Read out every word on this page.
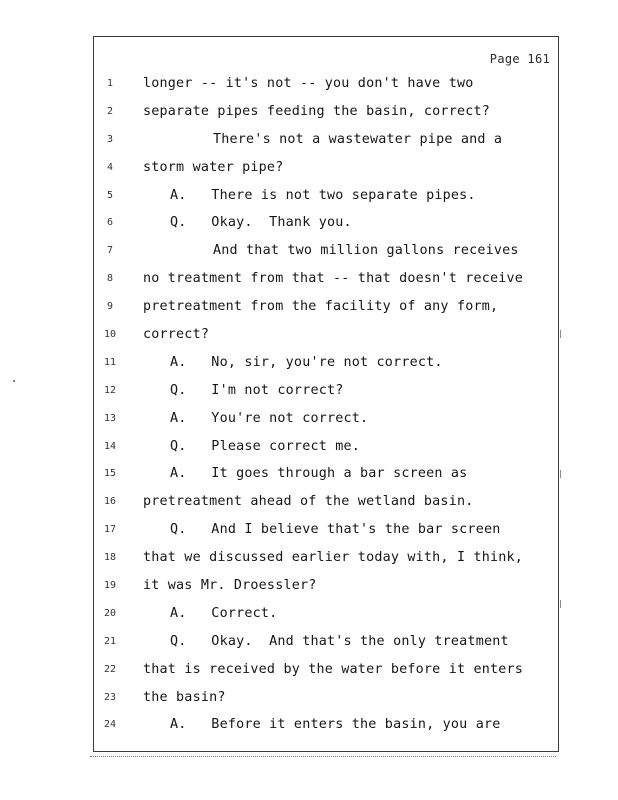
Page 161
1	longer -- it's not -- you don't have two
2	separate pipes feeding the basin, correct?
3	There's not a wastewater pipe and a
4	storm water pipe?
5	A.   There is not two separate pipes.
6	Q.   Okay.  Thank you.
7	And that two million gallons receives
8	no treatment from that -- that doesn't receive
9	pretreatment from the facility of any form,
10	correct?
11	A.   No, sir, you're not correct.
12	Q.   I'm not correct?
13	A.   You're not correct.
14	Q.   Please correct me.
15	A.   It goes through a bar screen as
16	pretreatment ahead of the wetland basin.
17	Q.   And I believe that's the bar screen
18	that we discussed earlier today with, I think,
19	it was Mr. Droessler?
20	A.   Correct.
21	Q.   Okay.  And that's the only treatment
22	that is received by the water before it enters
23	the basin?
24	A.   Before it enters the basin, you are
